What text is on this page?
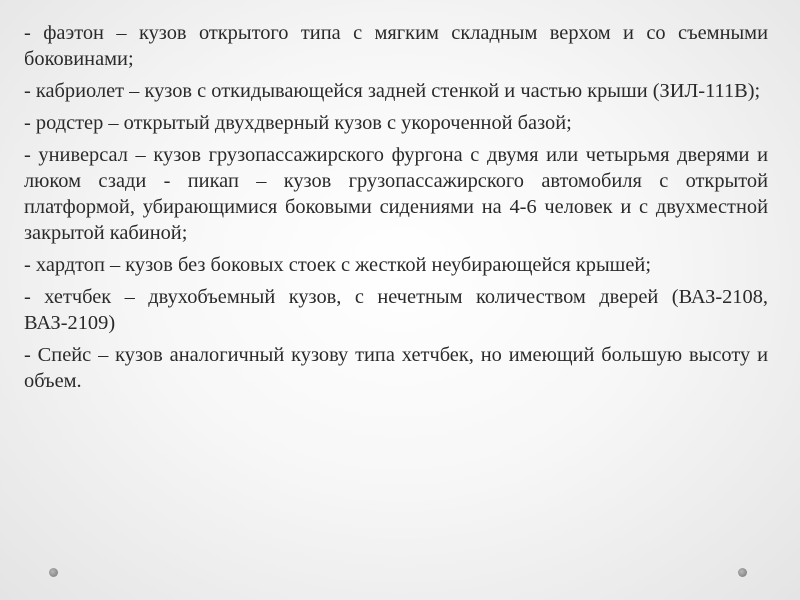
- фаэтон – кузов открытого типа с мягким складным верхом и со съемными боковинами;

- кабриолет – кузов с откидывающейся задней стенкой и частью крыши (ЗИЛ-111В);

- родстер – открытый двухдверный кузов с укороченной базой;

- универсал – кузов грузопассажирского фургона с двумя или четырьмя дверями и люком сзади - пикап – кузов грузопассажирского автомобиля с открытой платформой, убирающимися боковыми сидениями на 4-6 человек и с двухместной закрытой кабиной;

- хардтоп – кузов без боковых стоек с жесткой неубирающейся крышей;

- хетчбек – двухобъемный кузов, с нечетным количеством дверей (ВАЗ-2108, ВАЗ-2109)

- Спейс – кузов аналогичный кузову типа хетчбек, но имеющий большую высоту и объем.
